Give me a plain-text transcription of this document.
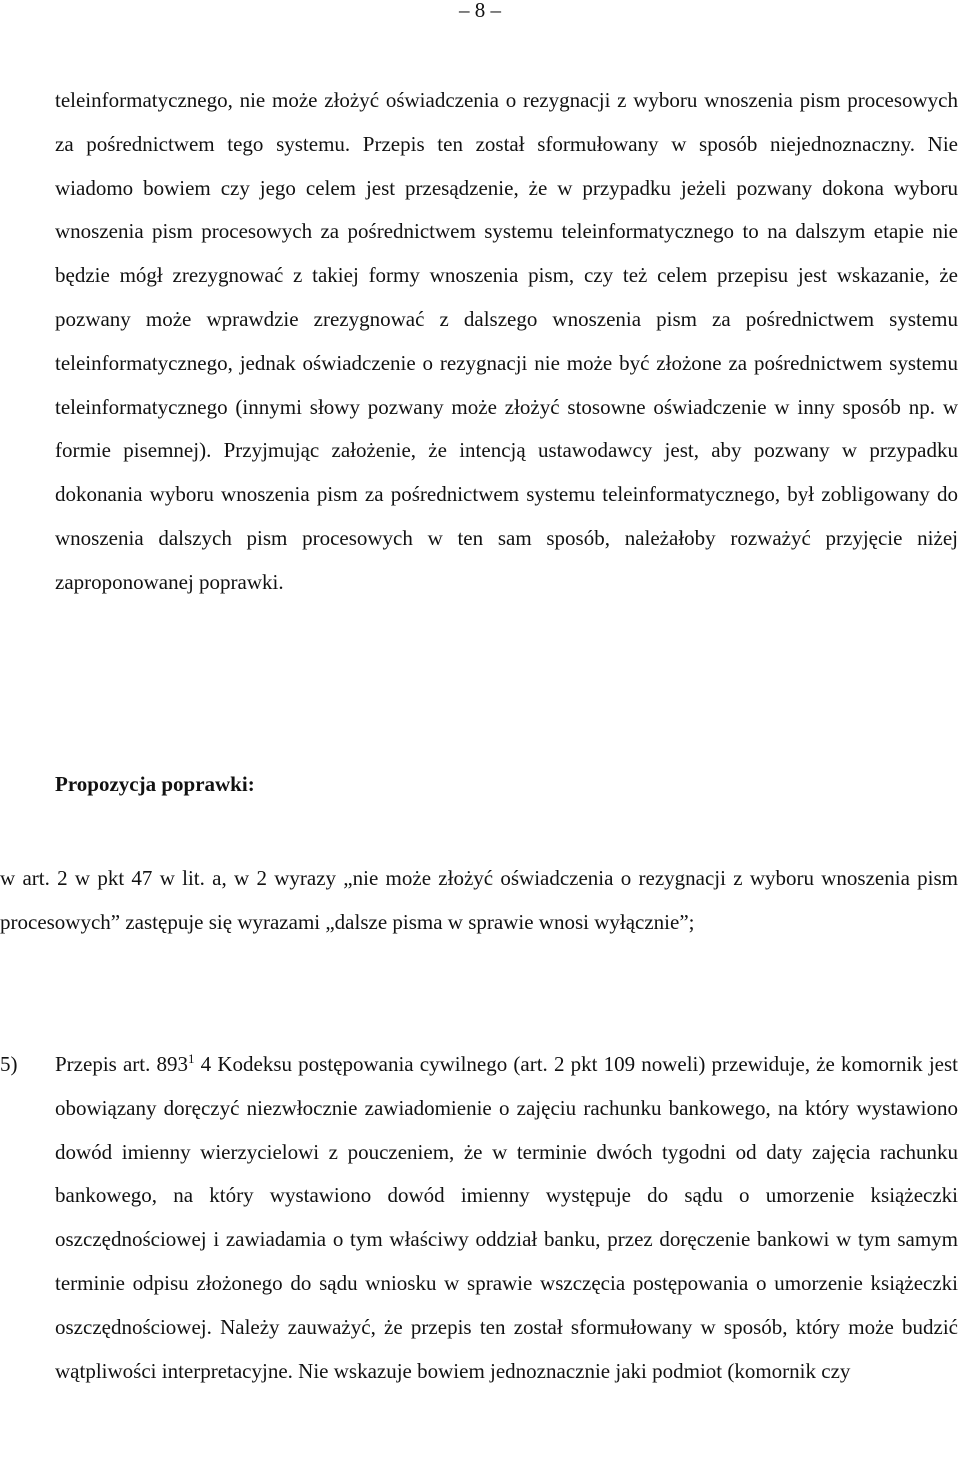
– 8 –

teleinformatycznego, nie może złożyć oświadczenia o rezygnacji z wyboru wnoszenia pism procesowych za pośrednictwem tego systemu. Przepis ten został sformułowany w sposób niejednoznaczny. Nie wiadomo bowiem czy jego celem jest przesądzenie, że w przypadku jeżeli pozwany dokona wyboru wnoszenia pism procesowych za pośrednictwem systemu teleinformatycznego to na dalszym etapie nie będzie mógł zrezygnować z takiej formy wnoszenia pism, czy też celem przepisu jest wskazanie, że pozwany może wprawdzie zrezygnować z dalszego wnoszenia pism za pośrednictwem systemu teleinformatycznego, jednak oświadczenie o rezygnacji nie może być złożone za pośrednictwem systemu teleinformatycznego (innymi słowy pozwany może złożyć stosowne oświadczenie w inny sposób np. w formie pisemnej). Przyjmując założenie, że intencją ustawodawcy jest, aby pozwany w przypadku dokonania wyboru wnoszenia pism za pośrednictwem systemu teleinformatycznego, był zobligowany do wnoszenia dalszych pism procesowych w ten sam sposób, należałoby rozważyć przyjęcie niżej zaproponowanej poprawki.

Propozycja poprawki:

w art. 2 w pkt 47 w lit. a, w 2 wyrazy „nie może złożyć oświadczenia o rezygnacji z wyboru wnoszenia pism procesowych” zastępuje się wyrazami „dalsze pisma w sprawie wnosi wyłącznie”;

5) Przepis art. $893^1$ 4 Kodeksu postępowania cywilnego (art. 2 pkt 109 noweli) przewiduje, że komornik jest obowiązany doręczyć niezwłocznie zawiadomienie o zajęciu rachunku bankowego, na który wystawiono dowód imienny wierzycielowi z pouczeniem, że w terminie dwóch tygodni od daty zajęcia rachunku bankowego, na który wystawiono dowód imienny występuje do sądu o umorzenie książeczki oszczędnościowej i zawiadamia o tym właściwy oddział banku, przez doręczenie bankowi w tym samym terminie odpisu złożonego do sądu wniosku w sprawie wszczęcia postępowania o umorzenie książeczki oszczędnościowej. Należy zauważyć, że przepis ten został sformułowany w sposób, który może budzić wątpliwości interpretacyjne. Nie wskazuje bowiem jednoznacznie jaki podmiot (komornik czy
